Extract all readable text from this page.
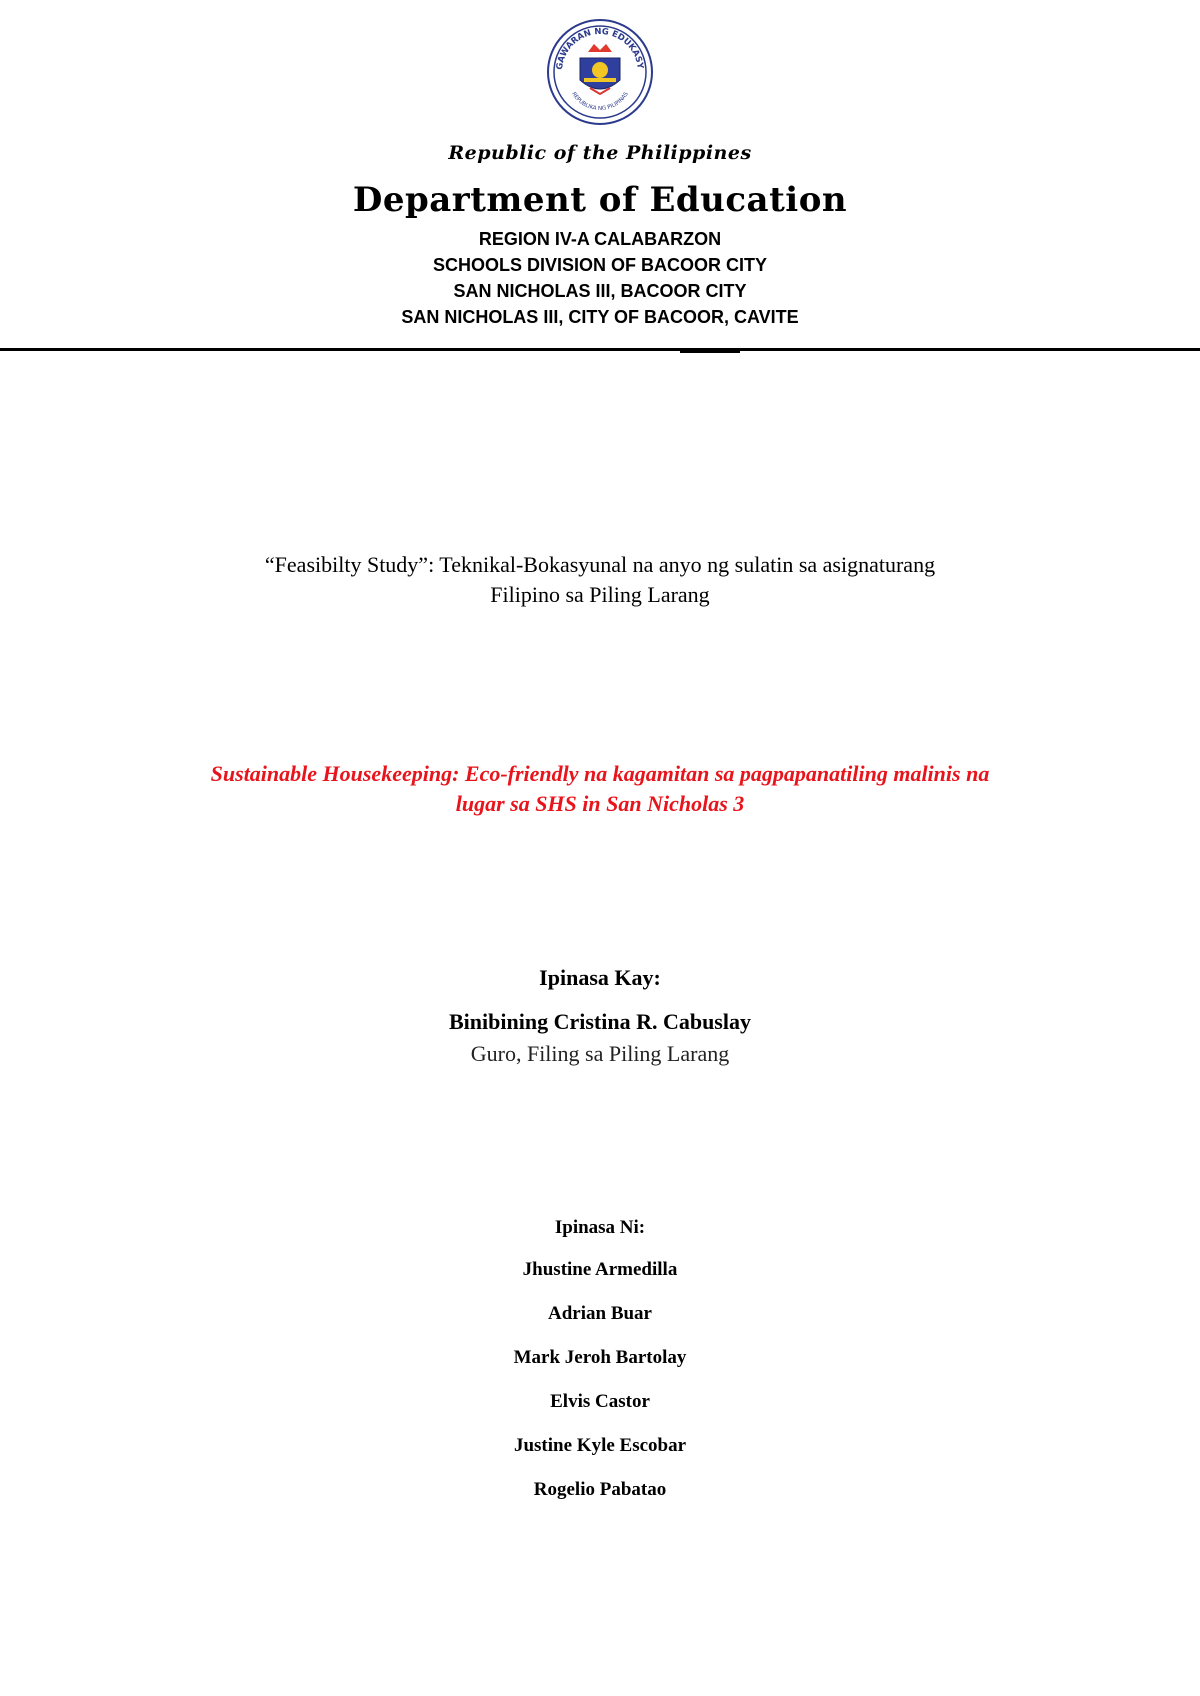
GAWARAN NG EDUKASY
REPUBLIKA NG PILIPINAS
Republic of the Philippines
Department of Education
REGION IV-A CALABARZON
SCHOOLS DIVISION OF BACOOR CITY
SAN NICHOLAS III, BACOOR CITY
SAN NICHOLAS III, CITY OF BACOOR, CAVITE
“Feasibilty Study”: Teknikal-Bokasyunal na anyo ng sulatin sa asignaturang
Filipino sa Piling Larang
Sustainable Housekeeping: Eco-friendly na kagamitan sa pagpapanatiling malinis na
lugar sa SHS in San Nicholas 3
Ipinasa Kay:
Binibining Cristina R. Cabuslay
Guro, Filing sa Piling Larang
Ipinasa Ni:
Jhustine Armedilla
Adrian Buar
Mark Jeroh Bartolay
Elvis Castor
Justine Kyle Escobar
Rogelio Pabatao
